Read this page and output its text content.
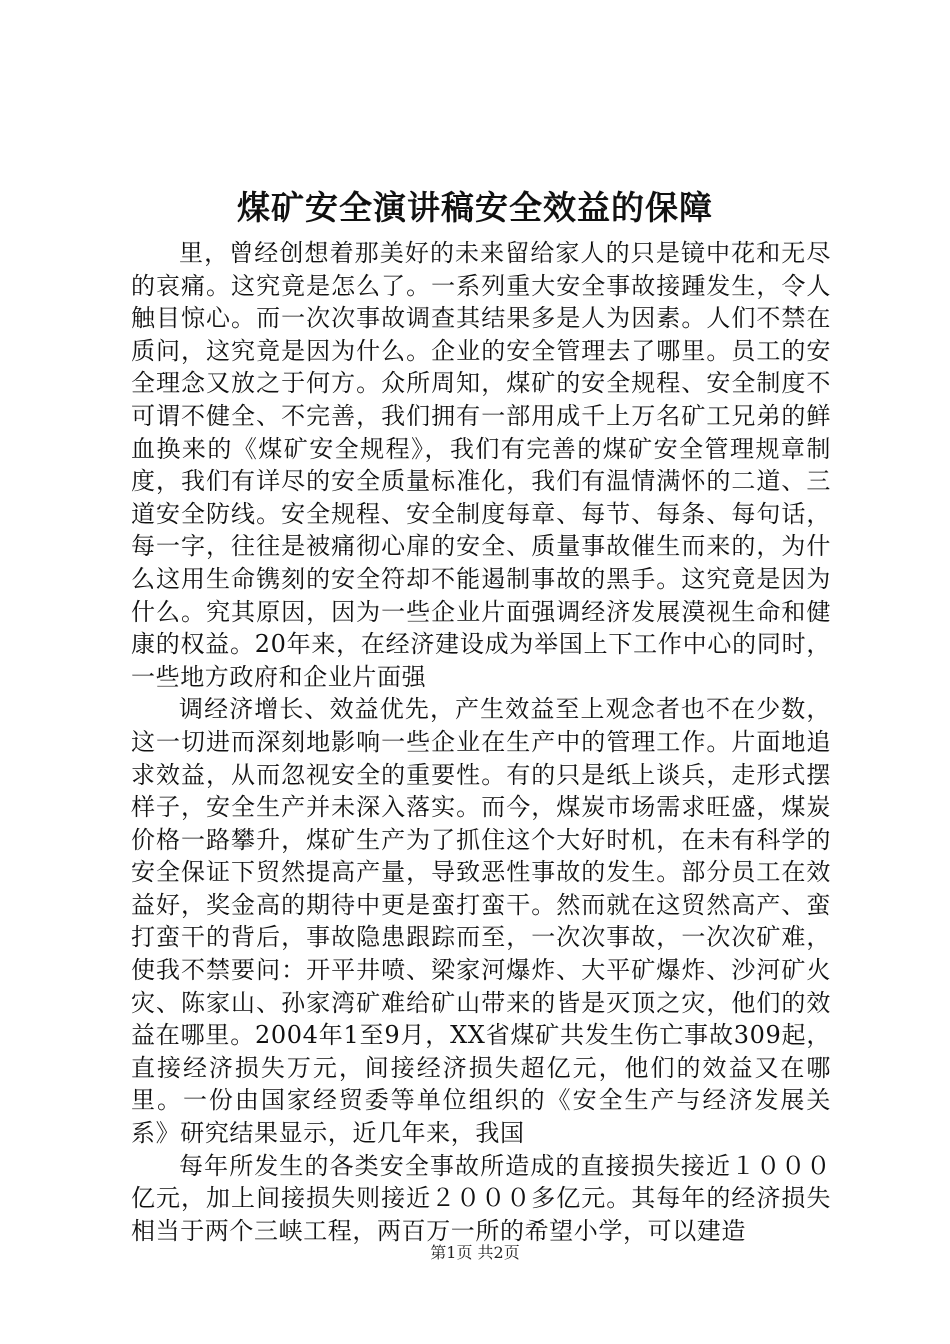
煤矿安全演讲稿安全效益的保障

里，曾经创想着那美好的未来留给家人的只是镜中花和无尽的哀痛。这究竟是怎么了。一系列重大安全事故接踵发生，令人触目惊心。而一次次事故调查其结果多是人为因素。人们不禁在质问，这究竟是因为什么。企业的安全管理去了哪里。员工的安全理念又放之于何方。众所周知，煤矿的安全规程、安全制度不可谓不健全、不完善，我们拥有一部用成千上万名矿工兄弟的鲜血换来的《煤矿安全规程》，我们有完善的煤矿安全管理规章制度，我们有详尽的安全质量标准化，我们有温情满怀的二道、三道安全防线。安全规程、安全制度每章、每节、每条、每句话，每一字，往往是被痛彻心扉的安全、质量事故催生而来的，为什么这用生命镌刻的安全符却不能遏制事故的黑手。这究竟是因为什么。究其原因，因为一些企业片面强调经济发展漠视生命和健康的权益。20年来，在经济建设成为举国上下工作中心的同时，一些地方政府和企业片面强

调经济增长、效益优先，产生效益至上观念者也不在少数，这一切进而深刻地影响一些企业在生产中的管理工作。片面地追求效益，从而忽视安全的重要性。有的只是纸上谈兵，走形式摆样子，安全生产并未深入落实。而今，煤炭市场需求旺盛，煤炭价格一路攀升，煤矿生产为了抓住这个大好时机，在未有科学的安全保证下贸然提高产量，导致恶性事故的发生。部分员工在效益好，奖金高的期待中更是蛮打蛮干。然而就在这贸然高产、蛮打蛮干的背后，事故隐患跟踪而至，一次次事故，一次次矿难，使我不禁要问：开平井喷、梁家河爆炸、大平矿爆炸、沙河矿火灾、陈家山、孙家湾矿难给矿山带来的皆是灭顶之灾，他们的效益在哪里。2004年1至9月，XX省煤矿共发生伤亡事故309起，直接经济损失万元，间接经济损失超亿元，他们的效益又在哪里。一份由国家经贸委等单位组织的《安全生产与经济发展关系》研究结果显示，近几年来，我国

每年所发生的各类安全事故所造成的直接损失接近１０００亿元，加上间接损失则接近２０００多亿元。其每年的经济损失相当于两个三峡工程，两百万一所的希望小学，可以建造

第1页 共2页
